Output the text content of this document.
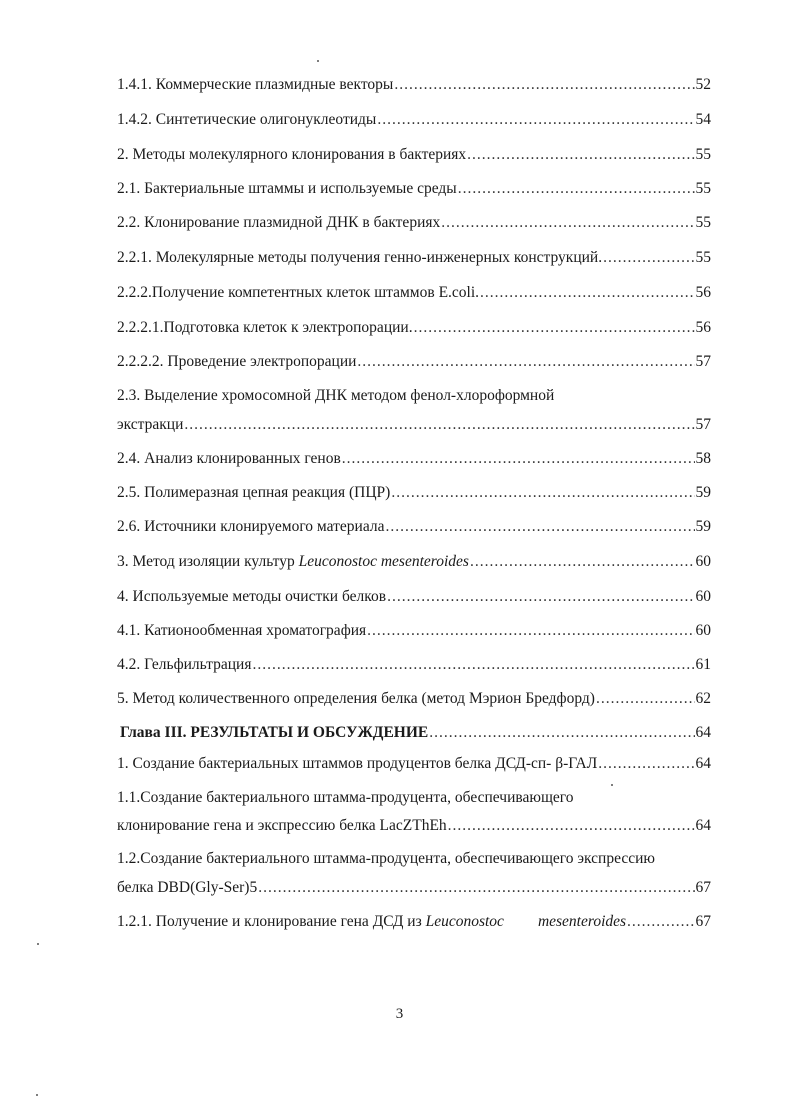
1.4.1. Коммерческие плазмидные векторы .....	52
1.4.2. Синтетические олигонуклеотиды .....	54
2. Методы молекулярного клонирования в бактериях .....	55
2.1. Бактериальные штаммы и используемые среды .....	55
2.2. Клонирование плазмидной ДНК в бактериях .....	55
2.2.1. Молекулярные методы получения генно-инженерных конструкций. .....	55
2.2.2.Получение компетентных клеток штаммов E.coli. .....	56
2.2.2.1.Подготовка клеток к электропорации. .....	56
2.2.2.2. Проведение электропорации .....	57
2.3. Выделение хромосомной ДНК методом фенол-хлороформной
экстракци .....	57
2.4. Анализ клонированных генов .....	58
2.5. Полимеразная цепная реакция (ПЦР) .....	59
2.6. Источники клонируемого материала .....	59
3. Метод изоляции культур Leuconostoc mesenteroides .....	60
4. Используемые методы очистки белков .....	60
4.1. Катионообменная хроматография .....	60
4.2. Гельфильтрация .....	61
5. Метод количественного определения белка (метод Мэрион Бредфорд) .....	62
Глава III. РЕЗУЛЬТАТЫ И ОБСУЖДЕНИЕ .....	64
1. Создание бактериальных штаммов продуцентов белка ДСД-сп- β-ГАЛ .....	64
1.1.Создание бактериального штамма-продуцента, обеспечивающего
клонирование гена и экспрессию белка LacZThEh .....	64
1.2.Создание бактериального штамма-продуцента, обеспечивающего экспрессию
белка DBD(Gly-Ser)5 .....	67
1.2.1. Получение и клонирование гена ДСД из Leuconostoc mesenteroides .....	67
3
